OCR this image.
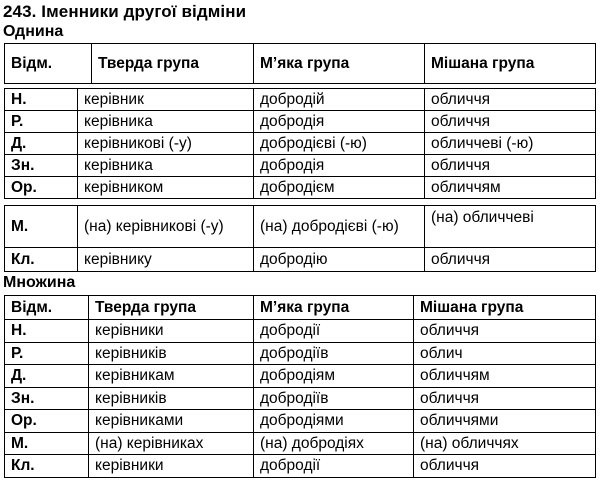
243. Іменники другої відміни
Однина
Відм.	Тверда група	М’яка група	Мішана група
Н.	керівник	добродій	обличчя
Р.	керівника	добродія	обличчя
Д.	керівникові (-у)	добродієві (-ю)	обличчеві (-ю)
Зн.	керівника	добродія	обличчя
Ор.	керівником	добродієм	обличчям
М.	(на) керівникові (-у)	(на) добродієві (-ю)	(на) обличчеві
Кл.	керівнику	добродію	обличчя
Множина
Відм.	Тверда група	М’яка група	Мішана група
Н.	керівники	добродії	обличчя
Р.	керівників	добродіїв	облич
Д.	керівникам	добродіям	обличчям
Зн.	керівників	добродіїв	обличчя
Ор.	керівниками	добродіями	обличчями
М.	(на) керівниках	(на) добродіях	(на) обличчях
Кл.	керівники	добродії	обличчя
